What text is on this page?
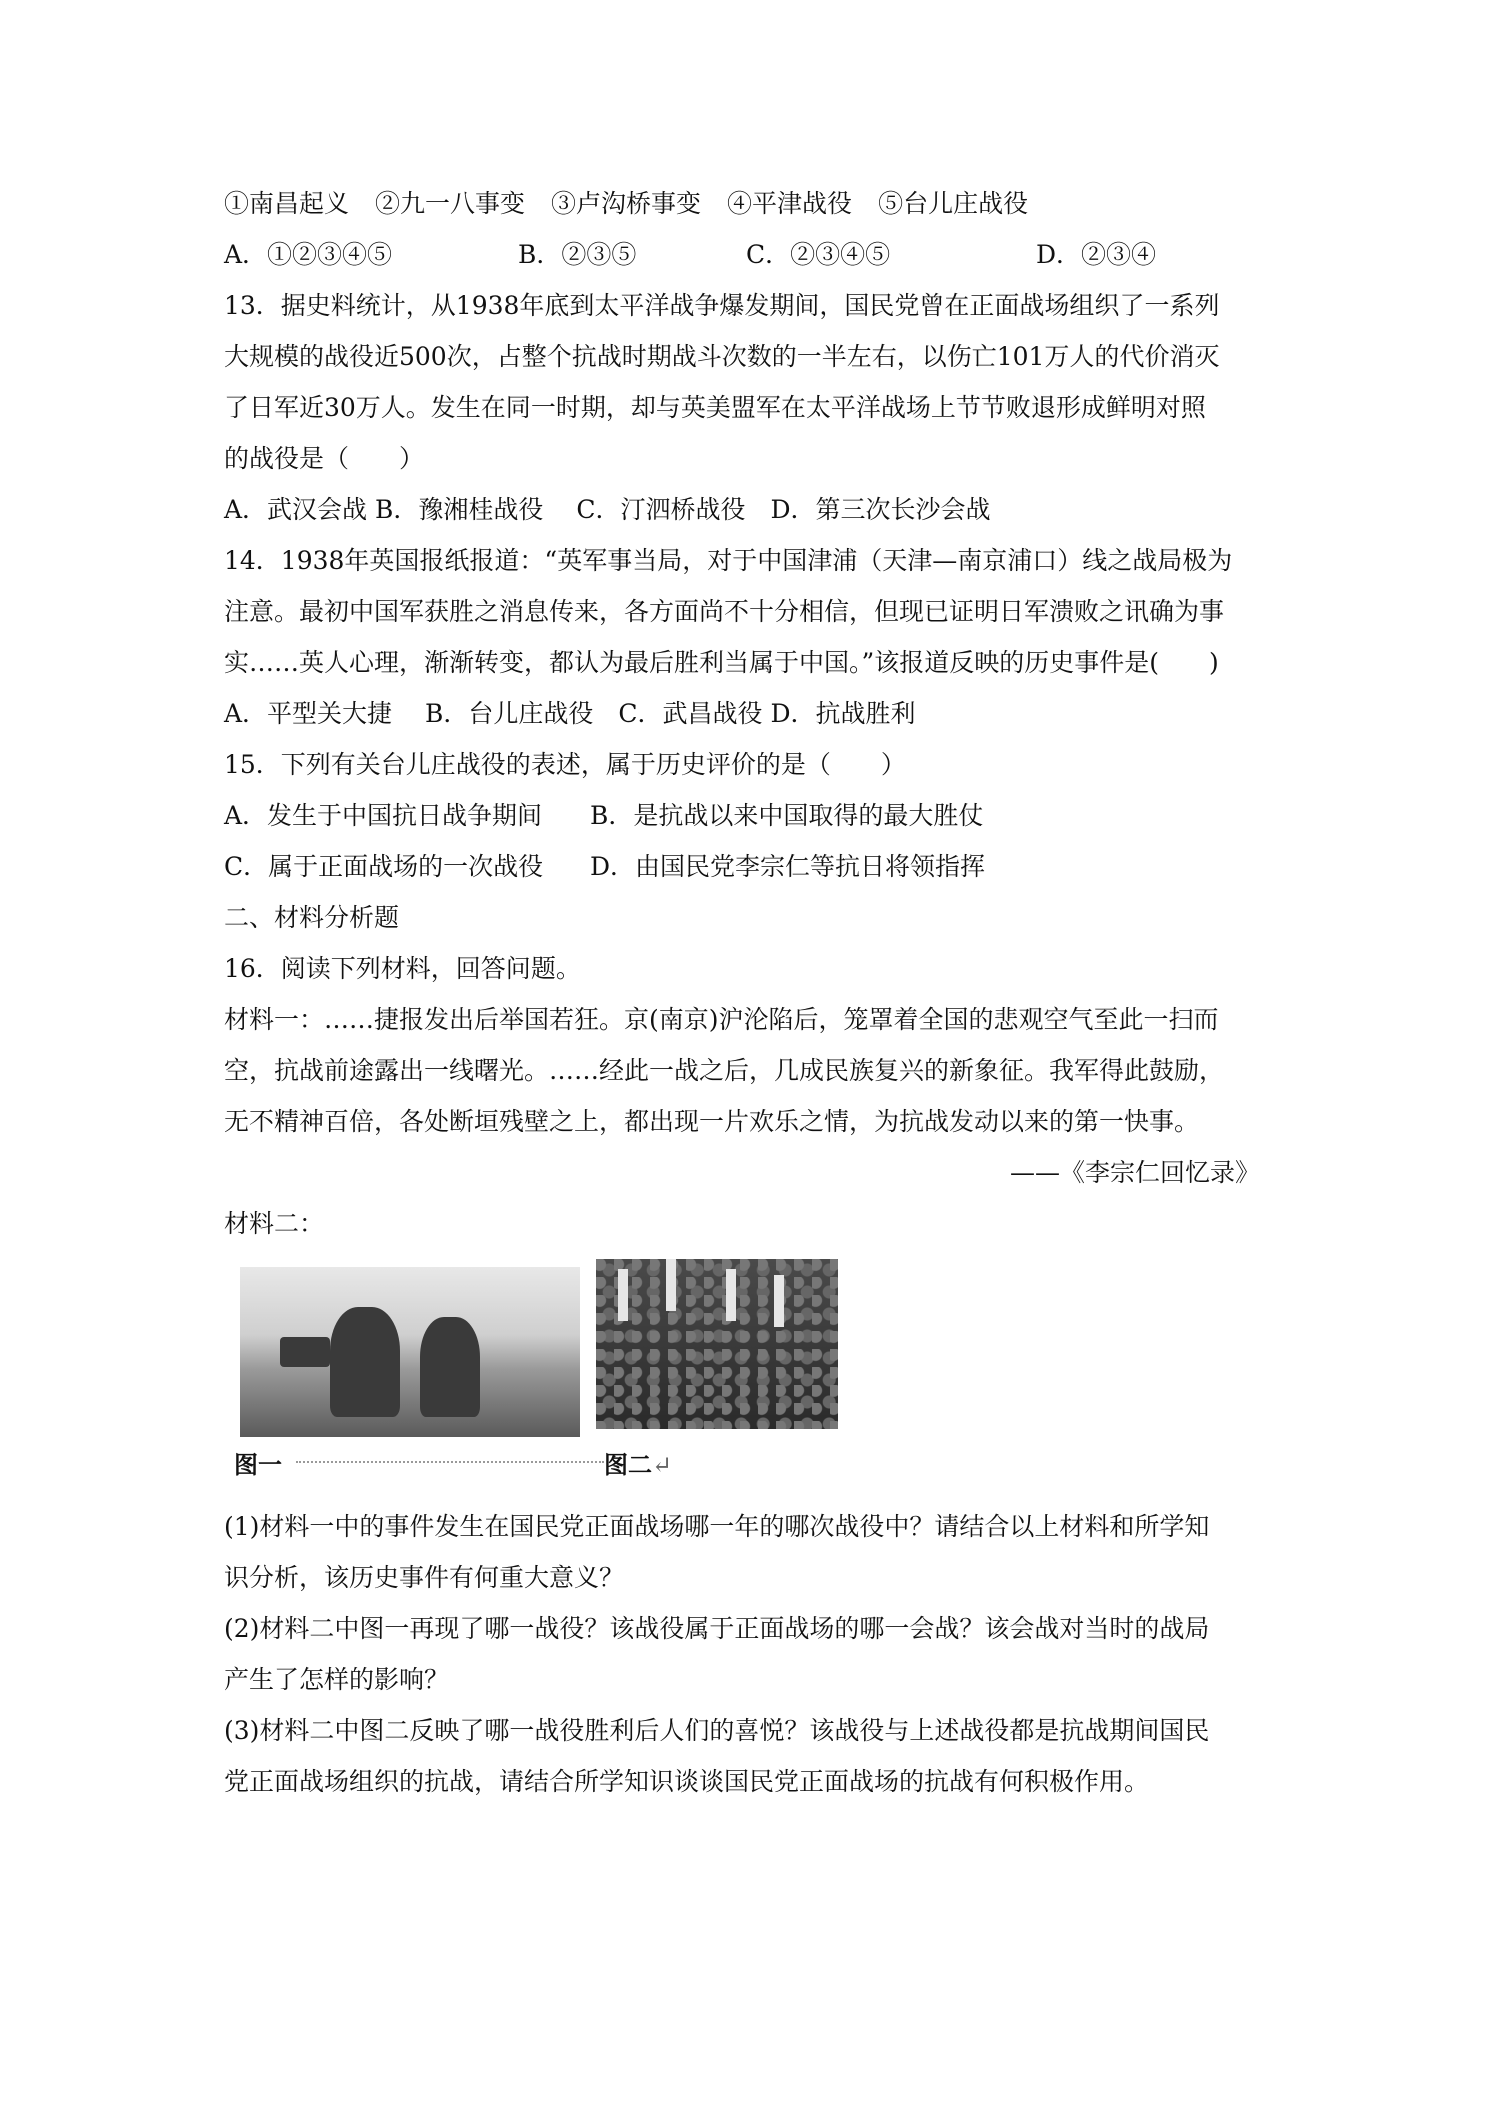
①南昌起义 ②九一八事变 ③卢沟桥事变 ④平津战役 ⑤台儿庄战役
A．①②③④⑤	B．②③⑤	C．②③④⑤	D．②③④
13．据史料统计，从1938年底到太平洋战争爆发期间，国民党曾在正面战场组织了一系列
大规模的战役近500次，占整个抗战时期战斗次数的一半左右，以伤亡101万人的代价消灭
了日军近30万人。发生在同一时期，却与英美盟军在太平洋战场上节节败退形成鲜明对照
的战役是（　　）
A．武汉会战 B．豫湘桂战役　 C．汀泗桥战役　D．第三次长沙会战
14．1938年英国报纸报道：“英军事当局，对于中国津浦（天津—南京浦口）线之战局极为
注意。最初中国军获胜之消息传来，各方面尚不十分相信，但现已证明日军溃败之讯确为事
实……英人心理，渐渐转变，都认为最后胜利当属于中国。”该报道反映的历史事件是(　　)
A．平型关大捷　 B．台儿庄战役　C．武昌战役 D．抗战胜利
15．下列有关台儿庄战役的表述，属于历史评价的是（　　）
A．发生于中国抗日战争期间	B．是抗战以来中国取得的最大胜仗
C．属于正面战场的一次战役	D．由国民党李宗仁等抗日将领指挥
二、材料分析题
16．阅读下列材料，回答问题。
材料一：……捷报发出后举国若狂。京(南京)沪沦陷后，笼罩着全国的悲观空气至此一扫而
空，抗战前途露出一线曙光。……经此一战之后，几成民族复兴的新象征。我军得此鼓励，
无不精神百倍，各处断垣残壁之上，都出现一片欢乐之情，为抗战发动以来的第一快事。
——《李宗仁回忆录》
材料二：
图一	图二↵
(1)材料一中的事件发生在国民党正面战场哪一年的哪次战役中？请结合以上材料和所学知
识分析，该历史事件有何重大意义？
(2)材料二中图一再现了哪一战役？该战役属于正面战场的哪一会战？该会战对当时的战局
产生了怎样的影响？
(3)材料二中图二反映了哪一战役胜利后人们的喜悦？该战役与上述战役都是抗战期间国民
党正面战场组织的抗战，请结合所学知识谈谈国民党正面战场的抗战有何积极作用。
